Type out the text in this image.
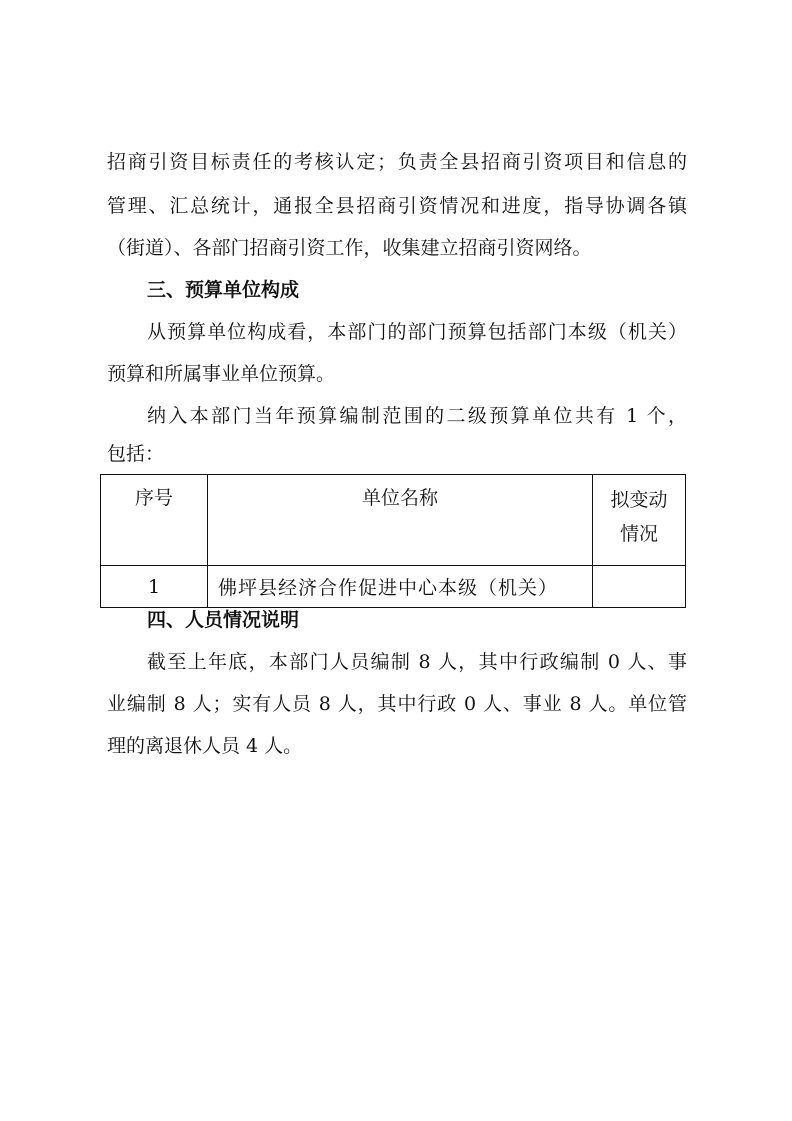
招商引资目标责任的考核认定；负责全县招商引资项目和信息的
管理、汇总统计，通报全县招商引资情况和进度，指导协调各镇
（街道）、各部门招商引资工作，收集建立招商引资网络。
三、预算单位构成
从预算单位构成看，本部门的部门预算包括部门本级（机关）
预算和所属事业单位预算。
纳入本部门当年预算编制范围的二级预算单位共有 1 个，
包括：
序号	单位名称	拟变动
情况

1	佛坪县经济合作促进中心本级（机关）	
四、人员情况说明
截至上年底，本部门人员编制 8 人，其中行政编制 0 人、事
业编制 8 人；实有人员 8 人，其中行政 0 人、事业 8 人。单位管
理的离退休人员 4 人。
